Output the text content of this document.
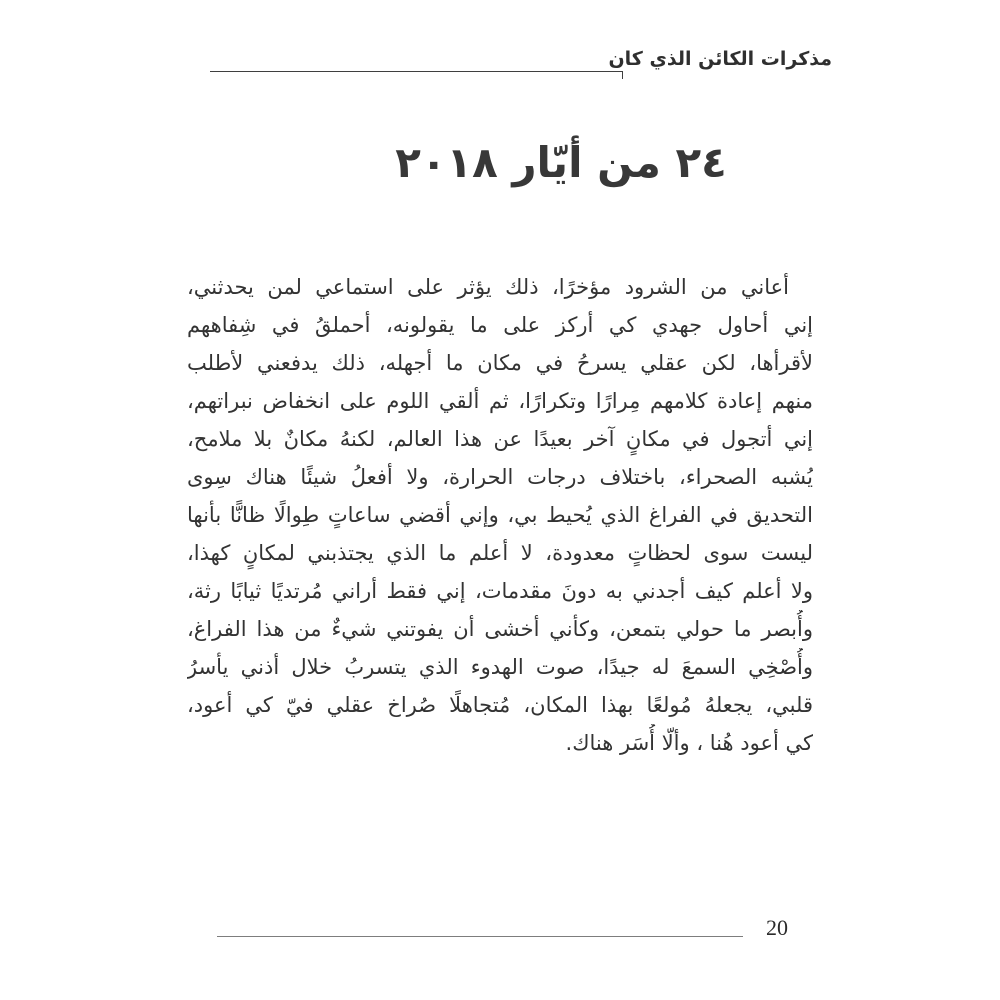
مذكرات الكائن الذي كان
٢٤ من أيّار ٢٠١٨
أعاني من الشرود مؤخرًا، ذلك يؤثر على استماعي لمن يحدثني،
إني أحاول جهدي كي أركز على ما يقولونه، أحملقُ في شِفاههم
لأقرأها، لكن عقلي يسرحُ في مكان ما أجهله، ذلك يدفعني لأطلب
منهم إعادة كلامهم مِرارًا وتكرارًا، ثم ألقي اللوم على انخفاض نبراتهم،
إني أتجول في مكانٍ آخر بعيدًا عن هذا العالم، لكنهُ مكانٌ بلا ملامح،
يُشبه الصحراء، باختلاف درجات الحرارة، ولا أفعلُ شيئًا هناك سِوى
التحديق في الفراغ الذي يُحيط بي، وإني أقضي ساعاتٍ طِوالًا ظانًّا بأنها
ليست سوى لحظاتٍ معدودة، لا أعلم ما الذي يجتذبني لمكانٍ كهذا،
ولا أعلم كيف أجدني به دونَ مقدمات، إني فقط أراني مُرتديًا ثيابًا رثة،
وأُبصر ما حولي بتمعن، وكأني أخشى أن يفوتني شيءٌ من هذا الفراغ،
وأُصْخِي السمعَ له جيدًا، صوت الهدوء الذي يتسربُ خلال أذني يأسرُ
قلبي، يجعلهُ مُولعًا بهذا المكان، مُتجاهلًا صُراخ عقلي فيّ كي أعود،
كي أعود هُنا ، وألّا أُسَر هناك.
20
